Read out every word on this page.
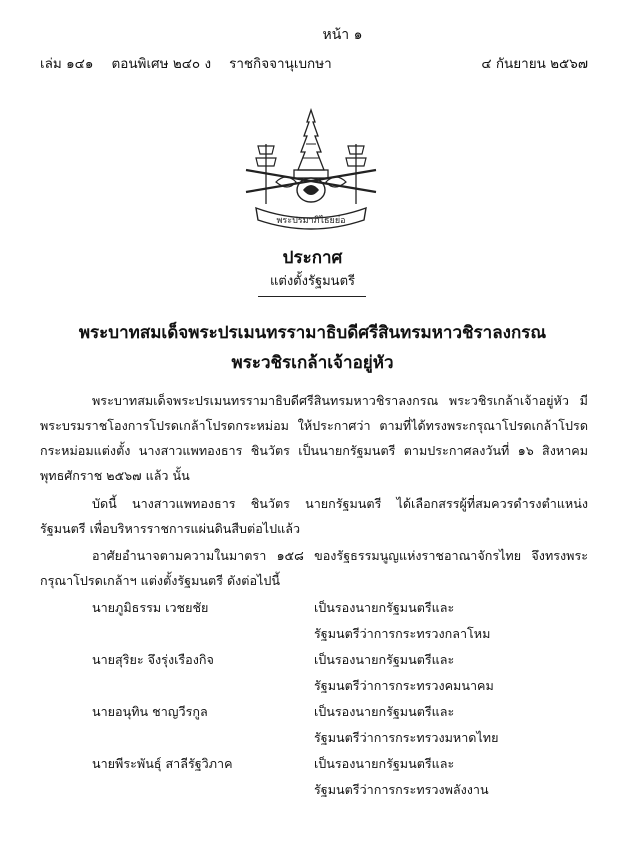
หน้า ๑
เล่ม ๑๔๑ ตอนพิเศษ ๒๔๐ ง ราชกิจจานุเบกษา	๔ กันยายน ๒๕๖๗
พระปรมาภิไธยย่อ
ประกาศ
แต่งตั้งรัฐมนตรี
พระบาทสมเด็จพระปรเมนทรรามาธิบดีศรีสินทรมหาวชิราลงกรณ
พระวชิรเกล้าเจ้าอยู่หัว
พระบาทสมเด็จพระปรเมนทรรามาธิบดีศรีสินทรมหาวชิราลงกรณ พระวชิรเกล้าเจ้าอยู่หัว มีพระบรมราชโองการโปรดเกล้าโปรดกระหม่อม ให้ประกาศว่า ตามที่ได้ทรงพระกรุณาโปรดเกล้าโปรดกระหม่อมแต่งตั้ง นางสาวแพทองธาร ชินวัตร เป็นนายกรัฐมนตรี ตามประกาศลงวันที่ ๑๖ สิงหาคม พุทธศักราช ๒๕๖๗ แล้ว นั้น
บัดนี้ นางสาวแพทองธาร ชินวัตร นายกรัฐมนตรี ได้เลือกสรรผู้ที่สมควรดำรงตำแหน่งรัฐมนตรี เพื่อบริหารราชการแผ่นดินสืบต่อไปแล้ว
อาศัยอำนาจตามความในมาตรา ๑๕๘ ของรัฐธรรมนูญแห่งราชอาณาจักรไทย จึงทรงพระกรุณาโปรดเกล้าฯ แต่งตั้งรัฐมนตรี ดังต่อไปนี้
นายภูมิธรรม เวชยชัย	เป็นรองนายกรัฐมนตรีและ
รัฐมนตรีว่าการกระทรวงกลาโหม
นายสุริยะ จึงรุ่งเรืองกิจ	เป็นรองนายกรัฐมนตรีและ
รัฐมนตรีว่าการกระทรวงคมนาคม
นายอนุทิน ชาญวีรกูล	เป็นรองนายกรัฐมนตรีและ
รัฐมนตรีว่าการกระทรวงมหาดไทย
นายพีระพันธุ์ สาลีรัฐวิภาค	เป็นรองนายกรัฐมนตรีและ
รัฐมนตรีว่าการกระทรวงพลังงาน
